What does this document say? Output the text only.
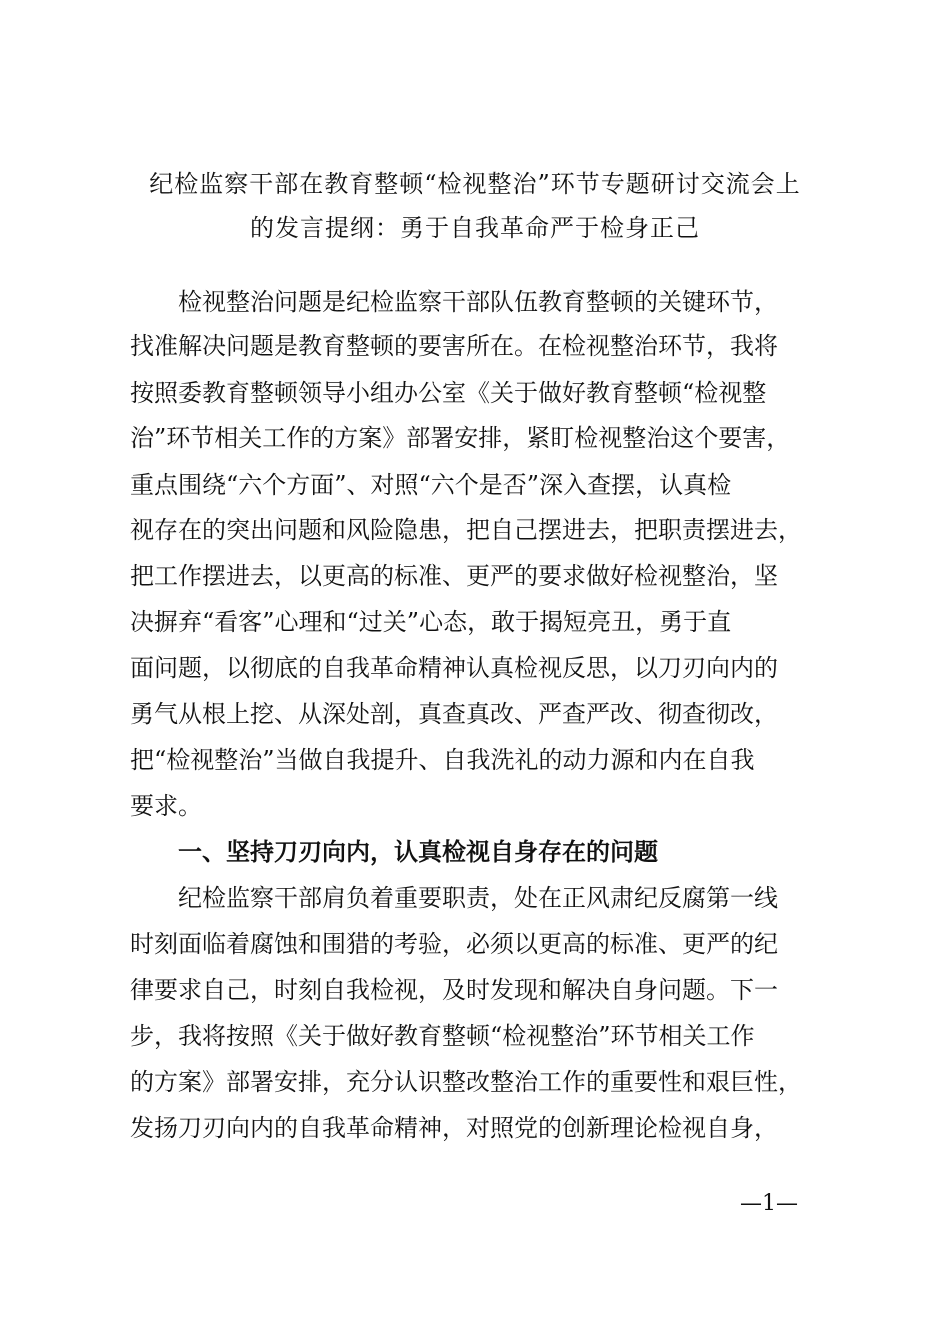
纪检监察干部在教育整顿“检视整治”环节专题研讨交流会上
的发言提纲：勇于自我革命严于检身正己
　　检视整治问题是纪检监察干部队伍教育整顿的关键环节，
找准解决问题是教育整顿的要害所在。在检视整治环节，我将
按照委教育整顿领导小组办公室《关于做好教育整顿“检视整
治”环节相关工作的方案》部署安排，紧盯检视整治这个要害，
重点围绕“六个方面”、对照“六个是否”深入查摆，认真检
视存在的突出问题和风险隐患，把自己摆进去，把职责摆进去，
把工作摆进去，以更高的标准、更严的要求做好检视整治，坚
决摒弃“看客”心理和“过关”心态，敢于揭短亮丑，勇于直
面问题，以彻底的自我革命精神认真检视反思，以刀刃向内的
勇气从根上挖、从深处剖，真查真改、严查严改、彻查彻改，
把“检视整治”当做自我提升、自我洗礼的动力源和内在自我
要求。
一、坚持刀刃向内，认真检视自身存在的问题
　　纪检监察干部肩负着重要职责，处在正风肃纪反腐第一线
时刻面临着腐蚀和围猎的考验，必须以更高的标准、更严的纪
律要求自己，时刻自我检视，及时发现和解决自身问题。下一
步，我将按照《关于做好教育整顿“检视整治”环节相关工作
的方案》部署安排，充分认识整改整治工作的重要性和艰巨性，
发扬刀刃向内的自我革命精神，对照党的创新理论检视自身，
—1—
